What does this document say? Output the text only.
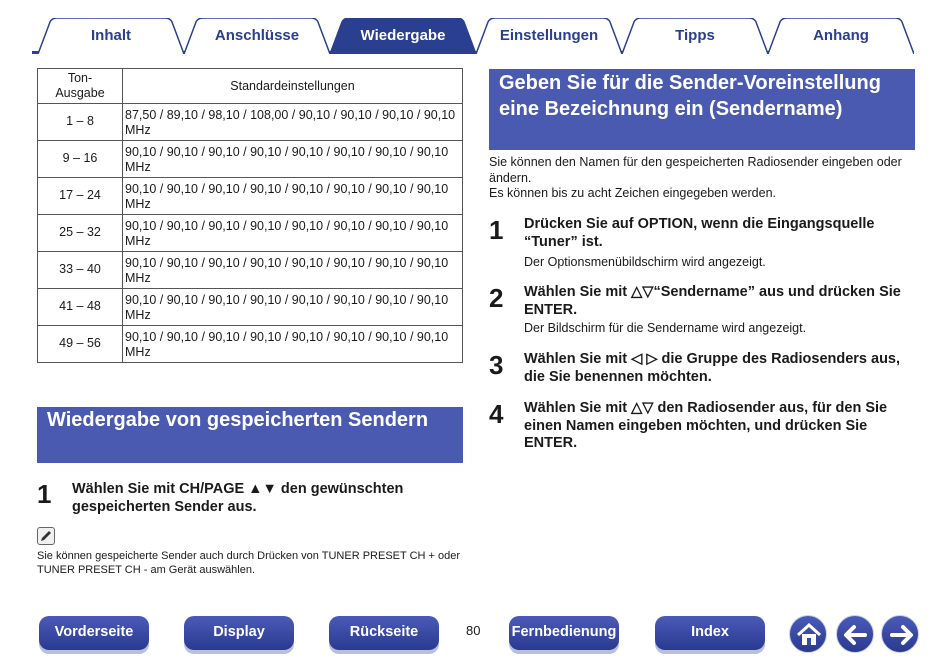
Inhalt	Anschlüsse	Wiedergabe	Einstellungen	Tipps	Anhang
Ton-
Ausgabe	Standardeinstellungen
1 – 8	87,50 / 89,10 / 98,10 / 108,00 / 90,10 / 90,10 / 90,10 / 90,10 MHz
9 – 16	90,10 / 90,10 / 90,10 / 90,10 / 90,10 / 90,10 / 90,10 / 90,10 MHz
17 – 24	90,10 / 90,10 / 90,10 / 90,10 / 90,10 / 90,10 / 90,10 / 90,10 MHz
25 – 32	90,10 / 90,10 / 90,10 / 90,10 / 90,10 / 90,10 / 90,10 / 90,10 MHz
33 – 40	90,10 / 90,10 / 90,10 / 90,10 / 90,10 / 90,10 / 90,10 / 90,10 MHz
41 – 48	90,10 / 90,10 / 90,10 / 90,10 / 90,10 / 90,10 / 90,10 / 90,10 MHz
49 – 56	90,10 / 90,10 / 90,10 / 90,10 / 90,10 / 90,10 / 90,10 / 90,10 MHz
Wiedergabe von gespeicherten Sendern
1 Wählen Sie mit CH/PAGE ▲▼ den gewünschten gespeicherten Sender aus.
Sie können gespeicherte Sender auch durch Drücken von TUNER PRESET CH + oder TUNER PRESET CH - am Gerät auswählen.
Geben Sie für die Sender-Voreinstellung eine Bezeichnung ein (Sendername)
Sie können den Namen für den gespeicherten Radiosender eingeben oder ändern.
Es können bis zu acht Zeichen eingegeben werden.
1 Drücken Sie auf OPTION, wenn die Eingangsquelle “Tuner” ist.
Der Optionsmenübildschirm wird angezeigt.
2 Wählen Sie mit △▽“Sendername” aus und drücken Sie ENTER.
Der Bildschirm für die Sendername wird angezeigt.
3 Wählen Sie mit ◁ ▷ die Gruppe des Radiosenders aus, die Sie benennen möchten.
4 Wählen Sie mit △▽ den Radiosender aus, für den Sie einen Namen eingeben möchten, und drücken Sie ENTER.
Vorderseite	Display	Rückseite	80 Fernbedienung	Index
